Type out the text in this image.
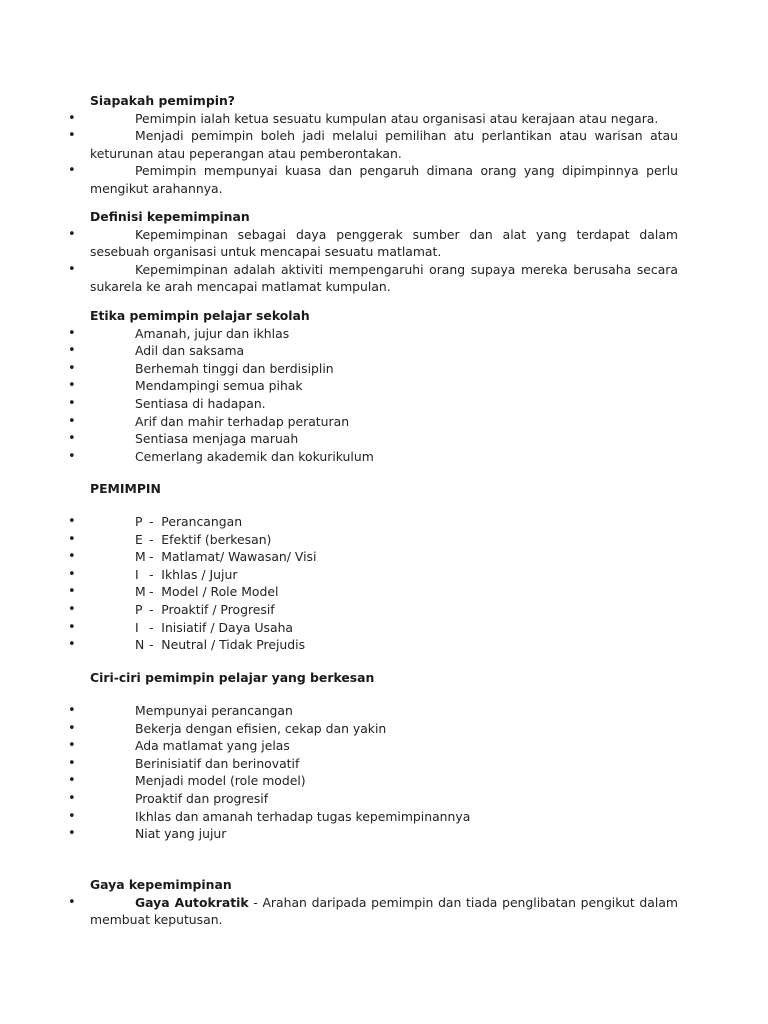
Siapakah pemimpin?
•	Pemimpin ialah ketua sesuatu kumpulan atau organisasi atau kerajaan atau negara.
•	Menjadi pemimpin boleh jadi melalui pemilihan atu perlantikan atau warisan atau keturunan atau peperangan atau pemberontakan.
•	Pemimpin mempunyai kuasa dan pengaruh dimana orang yang dipimpinnya perlu mengikut arahannya.
Definisi kepemimpinan
•	Kepemimpinan sebagai daya penggerak sumber dan alat yang terdapat dalam sesebuah organisasi untuk mencapai sesuatu matlamat.
•	Kepemimpinan adalah aktiviti mempengaruhi orang supaya mereka berusaha secara sukarela ke arah mencapai matlamat kumpulan.
Etika pemimpin pelajar sekolah
•	Amanah, jujur dan ikhlas
•	Adil dan saksama
•	Berhemah tinggi dan berdisiplin
•	Mendampingi semua pihak
•	Sentiasa di hadapan.
•	Arif dan mahir terhadap peraturan
•	Sentiasa menjaga maruah
•	Cemerlang akademik dan kokurikulum
PEMIMPIN
•	P -  Perancangan
•	E -  Efektif (berkesan)
•	M -  Matlamat/ Wawasan/ Visi
•	I -  Ikhlas / Jujur
•	M -  Model / Role Model
•	P -  Proaktif / Progresif
•	I -  Inisiatif / Daya Usaha
•	N -  Neutral / Tidak Prejudis
Ciri-ciri pemimpin pelajar yang berkesan
•	Mempunyai perancangan
•	Bekerja dengan efisien, cekap dan yakin
•	Ada matlamat yang jelas
•	Berinisiatif dan berinovatif
•	Menjadi model (role model)
•	Proaktif dan progresif
•	Ikhlas dan amanah terhadap tugas kepemimpinannya
•	Niat yang jujur
Gaya kepemimpinan
•	Gaya Autokratik - Arahan daripada pemimpin dan tiada penglibatan pengikut dalam membuat keputusan.
